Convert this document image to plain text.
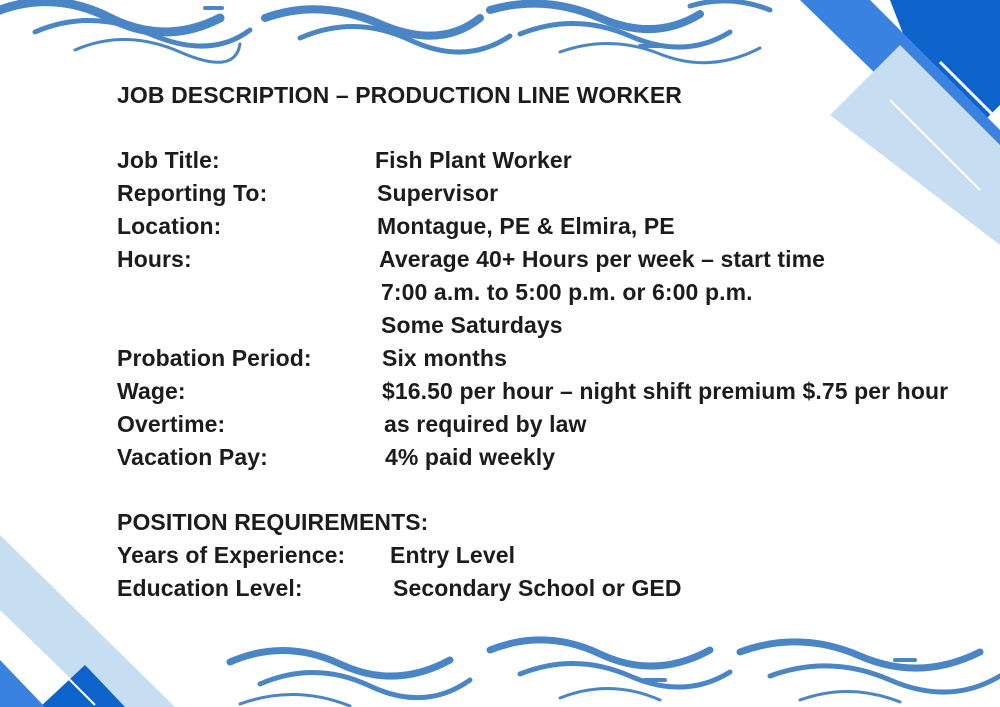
JOB DESCRIPTION – PRODUCTION LINE WORKER
Job Title:	Fish Plant Worker
Reporting To:	Supervisor
Location:	Montague, PE & Elmira, PE
Hours:	Average 40+ Hours per week – start time
7:00 a.m. to 5:00 p.m. or 6:00 p.m.
Some Saturdays
Probation Period:	Six months
Wage:	$16.50 per hour – night shift premium $.75 per hour
Overtime:	as required by law
Vacation Pay:	4% paid weekly
POSITION REQUIREMENTS:
Years of Experience: Entry Level
Education Level:	Secondary School or GED
